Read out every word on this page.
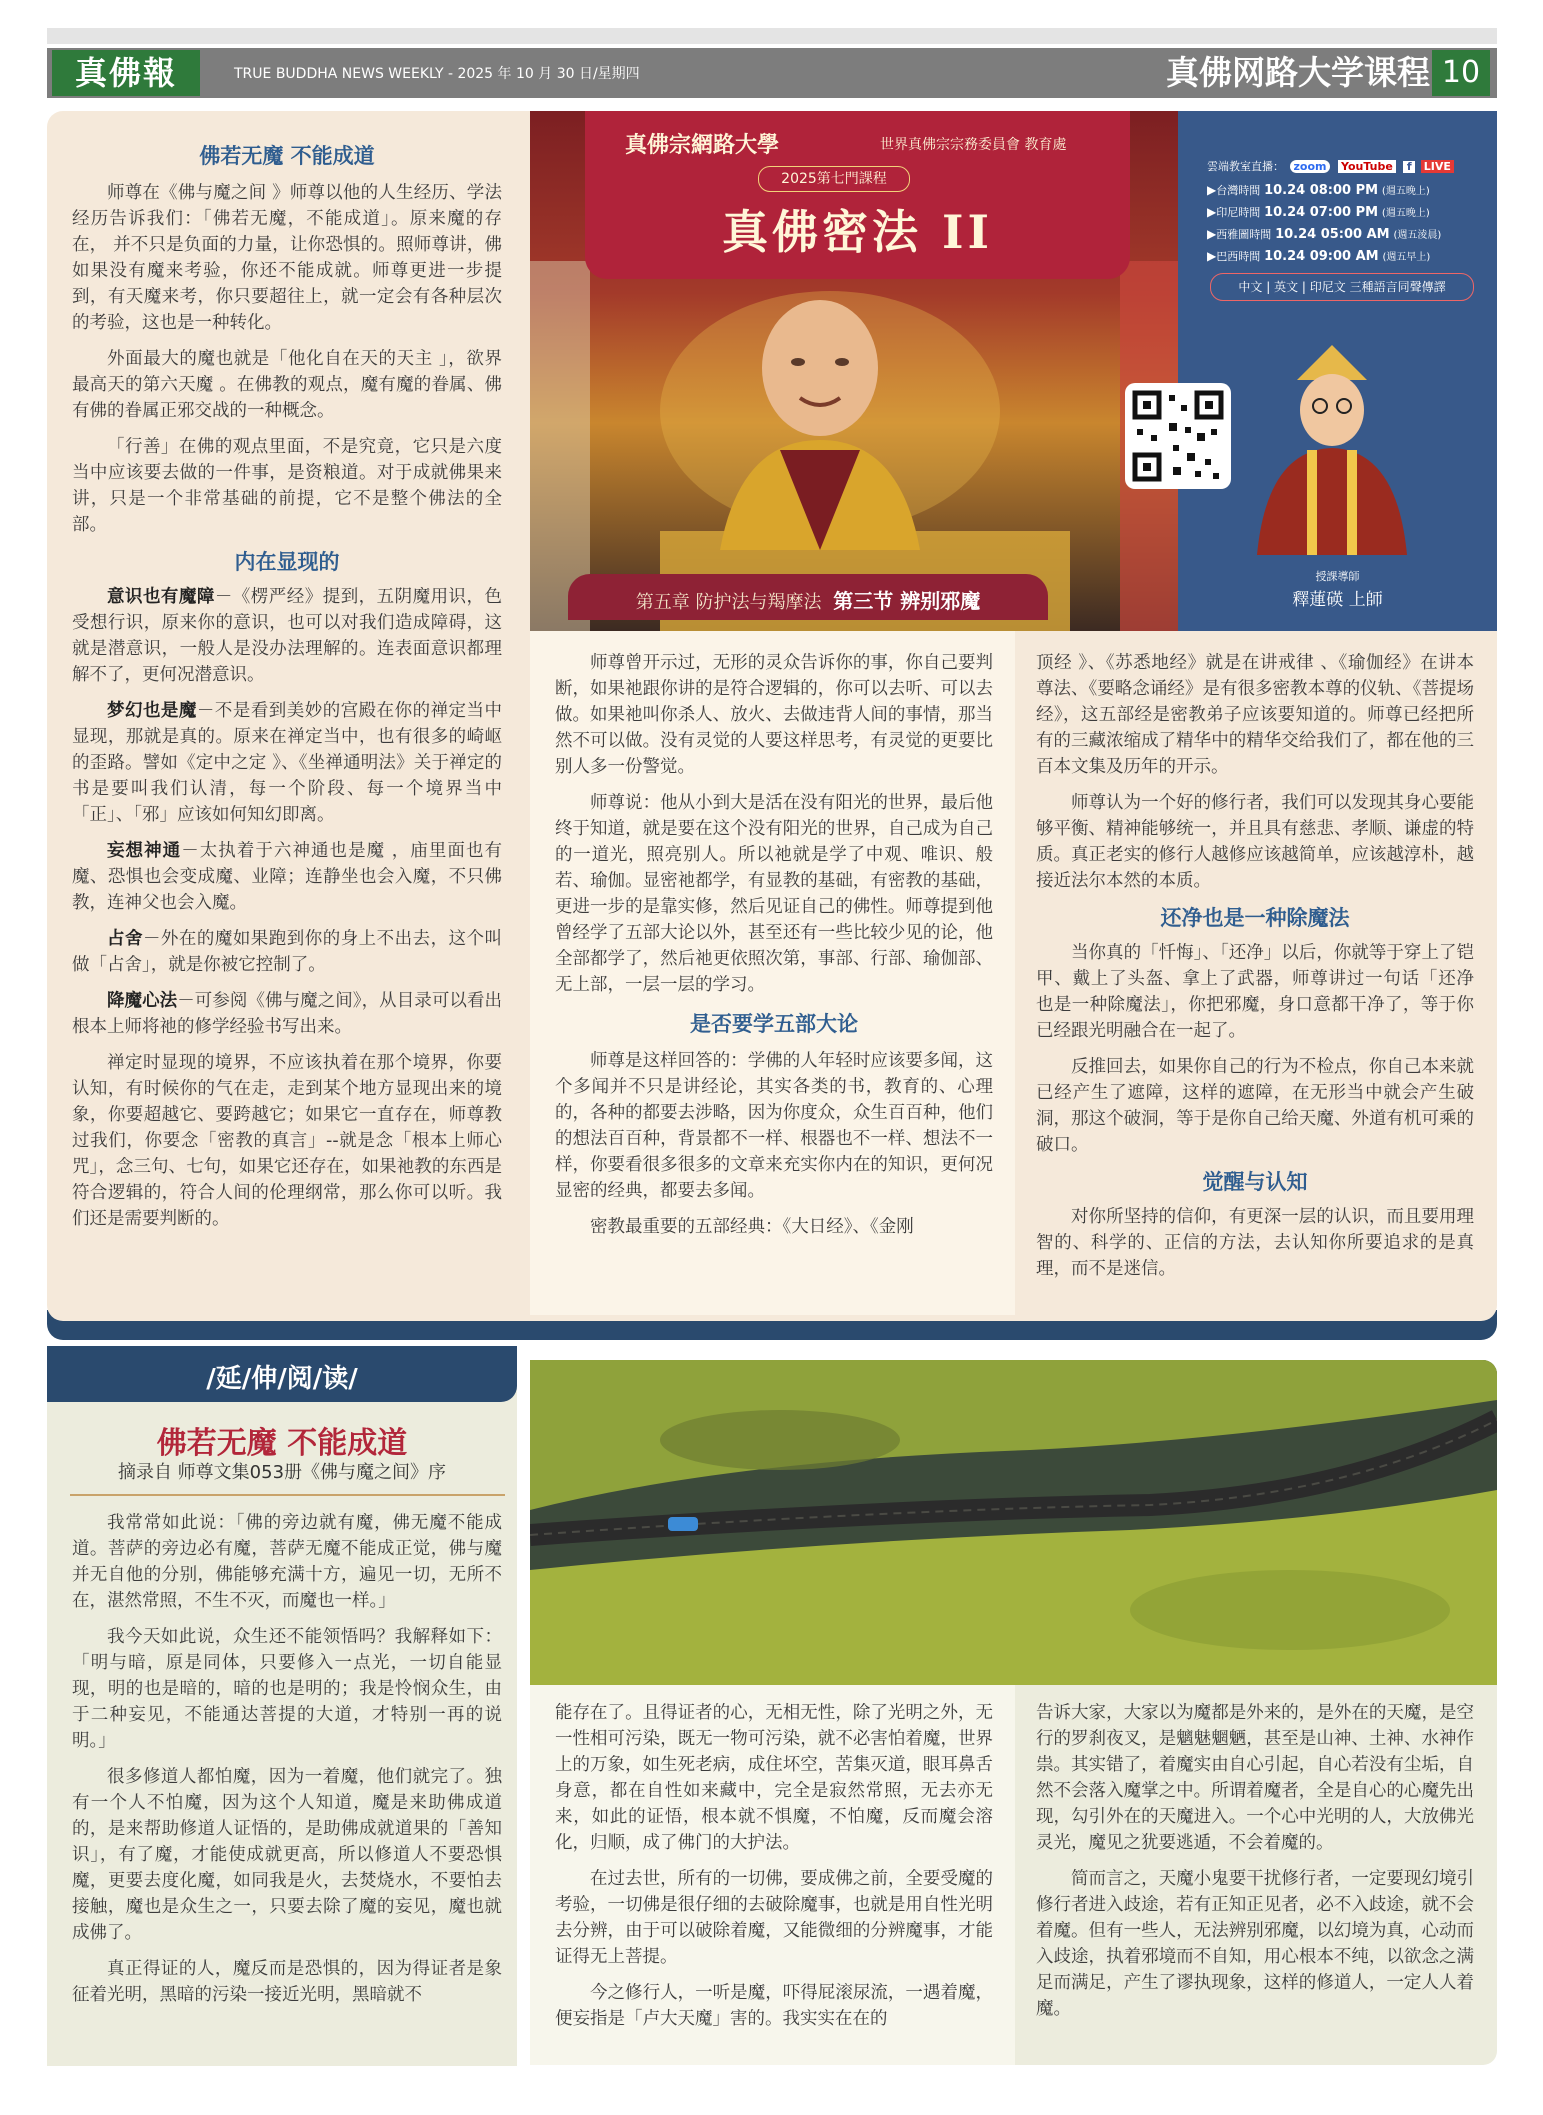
真佛報	TRUE BUDDHA NEWS WEEKLY - 2025 年 10 月 30 日/星期四	真佛网路大学课程 10
佛若无魔 不能成道

师尊在《佛与魔之间 》师尊以他的人生经历、学法经历告诉我们：「佛若无魔，不能成道」。原来魔的存在， 并不只是负面的力量，让你恐惧的。照师尊讲，佛如果没有魔来考验，你还不能成就。师尊更进一步提到，有天魔来考，你只要超往上，就一定会有各种层次的考验，这也是一种转化。

外面最大的魔也就是「他化自在天的天主 」，欲界最高天的第六天魔 。在佛教的观点，魔有魔的眷属、佛有佛的眷属正邪交战的一种概念。

「行善」在佛的观点里面，不是究竟，它只是六度当中应该要去做的一件事，是资粮道。对于成就佛果来讲，只是一个非常基础的前提，它不是整个佛法的全部。

内在显现的

意识也有魔障－《楞严经》提到，五阴魔用识，色受想行识，原来你的意识，也可以对我们造成障碍，这就是潜意识，一般人是没办法理解的。连表面意识都理解不了，更何况潜意识。

梦幻也是魔－不是看到美妙的宫殿在你的禅定当中显现，那就是真的。原来在禅定当中，也有很多的崎岖的歪路。譬如《定中之定 》、《坐禅通明法》关于禅定的书是要叫我们认清，每一个阶段、每一个境界当中「正」、「邪」应该如何知幻即离。

妄想神通－太执着于六神通也是魔 ，庙里面也有魔、恐惧也会变成魔、业障；连静坐也会入魔，不只佛教，连神父也会入魔。

占舍－外在的魔如果跑到你的身上不出去，这个叫做「占舍」，就是你被它控制了。

降魔心法－可参阅《佛与魔之间》，从目录可以看出根本上师将祂的修学经验书写出来。

禅定时显现的境界，不应该执着在那个境界，你要认知，有时候你的气在走，走到某个地方显现出来的境象，你要超越它、要跨越它；如果它一直存在，师尊教过我们，你要念「密教的真言」--就是念「根本上师心咒」，念三句、七句，如果它还存在，如果祂教的东西是符合逻辑的，符合人间的伦理纲常，那么你可以听。我们还是需要判断的。

真佛宗網路大學	世界真佛宗宗務委員會 教育處
2025第七門課程
真佛密法 II
第五章 防护法与羯摩法 第三节 辨别邪魔
雲端教室直播： zoom YouTube f LIVE
▶台灣時間 10.24 08:00 PM (週五晚上)
▶印尼時間 10.24 07:00 PM (週五晚上)
▶西雅圖時間 10.24 05:00 AM (週五淩晨)
▶巴西時間 10.24 09:00 AM (週五早上)
中文 | 英文 | 印尼文 三種語言同聲傳譯
授課導師
釋蓮碤 上師

师尊曾开示过，无形的灵众告诉你的事，你自己要判断，如果祂跟你讲的是符合逻辑的，你可以去听、可以去做。如果祂叫你杀人、放火、去做违背人间的事情，那当然不可以做。没有灵觉的人要这样思考，有灵觉的更要比别人多一份警觉。

师尊说：他从小到大是活在没有阳光的世界，最后他终于知道，就是要在这个没有阳光的世界，自己成为自己的一道光，照亮别人。所以祂就是学了中观、唯识、般若、瑜伽。显密祂都学，有显教的基础，有密教的基础，更进一步的是靠实修，然后见证自己的佛性。师尊提到他曾经学了五部大论以外，甚至还有一些比较少见的论，他全部都学了，然后祂更依照次第，事部、行部、瑜伽部、无上部，一层一层的学习。

是否要学五部大论

师尊是这样回答的：学佛的人年轻时应该要多闻，这个多闻并不只是讲经论，其实各类的书，教育的、心理的，各种的都要去涉略，因为你度众，众生百百种，他们的想法百百种，背景都不一样、根器也不一样、想法不一样，你要看很多很多的文章来充实你内在的知识，更何况显密的经典，都要去多闻。

密教最重要的五部经典：《大日经》、《金刚

顶经 》、《苏悉地经》就是在讲戒律 、《瑜伽经》在讲本尊法、《要略念诵经》是有很多密教本尊的仪轨、《菩提场经》，这五部经是密教弟子应该要知道的。师尊已经把所有的三藏浓缩成了精华中的精华交给我们了，都在他的三百本文集及历年的开示。

师尊认为一个好的修行者，我们可以发现其身心要能够平衡、精神能够统一，并且具有慈悲、孝顺、谦虚的特质。真正老实的修行人越修应该越简单，应该越淳朴，越接近法尔本然的本质。

还净也是一种除魔法

当你真的「忏悔」、「还净」以后，你就等于穿上了铠甲、戴上了头盔、拿上了武器，师尊讲过一句话「还净 也是一种除魔法」，你把邪魔，身口意都干净了，等于你已经跟光明融合在一起了。

反推回去，如果你自己的行为不检点，你自己本来就已经产生了遮障，这样的遮障，在无形当中就会产生破洞，那这个破洞，等于是你自己给天魔、外道有机可乘的破口。

觉醒与认知

对你所坚持的信仰，有更深一层的认识，而且要用理智的、科学的、正信的方法，去认知你所要追求的是真理，而不是迷信。

/延/伸/阅/读/
佛若无魔 不能成道
摘录自 师尊文集053册《佛与魔之间》序

我常常如此说：「佛的旁边就有魔，佛无魔不能成道。菩萨的旁边必有魔，菩萨无魔不能成正觉，佛与魔并无自他的分别，佛能够充满十方，遍见一切，无所不在，湛然常照，不生不灭，而魔也一样。」

我今天如此说，众生还不能领悟吗？我解释如下：「明与暗，原是同体，只要修入一点光，一切自能显现，明的也是暗的，暗的也是明的；我是怜悯众生，由于二种妄见，不能通达菩提的大道，才特别一再的说明。」

很多修道人都怕魔，因为一着魔，他们就完了。独有一个人不怕魔，因为这个人知道，魔是来助佛成道的，是来帮助修道人证悟的，是助佛成就道果的「善知识」，有了魔，才能使成就更高，所以修道人不要恐惧魔，更要去度化魔，如同我是火，去焚烧水，不要怕去接触，魔也是众生之一，只要去除了魔的妄见，魔也就成佛了。

真正得证的人，魔反而是恐惧的，因为得证者是象征着光明，黑暗的污染一接近光明，黑暗就不

能存在了。且得证者的心，无相无性，除了光明之外，无一性相可污染，既无一物可污染，就不必害怕着魔，世界上的万象，如生死老病，成住坏空，苦集灭道，眼耳鼻舌身意，都在自性如来藏中，完全是寂然常照，无去亦无来，如此的证悟，根本就不惧魔，不怕魔，反而魔会溶化，归顺，成了佛门的大护法。

在过去世，所有的一切佛，要成佛之前，全要受魔的考验，一切佛是很仔细的去破除魔事，也就是用自性光明去分辨，由于可以破除着魔，又能微细的分辨魔事，才能证得无上菩提。

今之修行人，一听是魔，吓得屁滚尿流，一遇着魔，便妄指是「卢大天魔」害的。我实实在在的

告诉大家，大家以为魔都是外来的，是外在的天魔，是空行的罗刹夜叉，是魑魅魍魉，甚至是山神、土神、水神作祟。其实错了，着魔实由自心引起，自心若没有尘垢，自然不会落入魔掌之中。所谓着魔者，全是自心的心魔先出现，勾引外在的天魔进入。一个心中光明的人，大放佛光灵光，魔见之犹要逃遁，不会着魔的。

简而言之，天魔小鬼要干扰修行者，一定要现幻境引修行者进入歧途，若有正知正见者，必不入歧途，就不会着魔。但有一些人，无法辨别邪魔，以幻境为真，心动而入歧途，执着邪境而不自知，用心根本不纯，以欲念之满足而满足，产生了谬执现象，这样的修道人，一定人人着魔。
